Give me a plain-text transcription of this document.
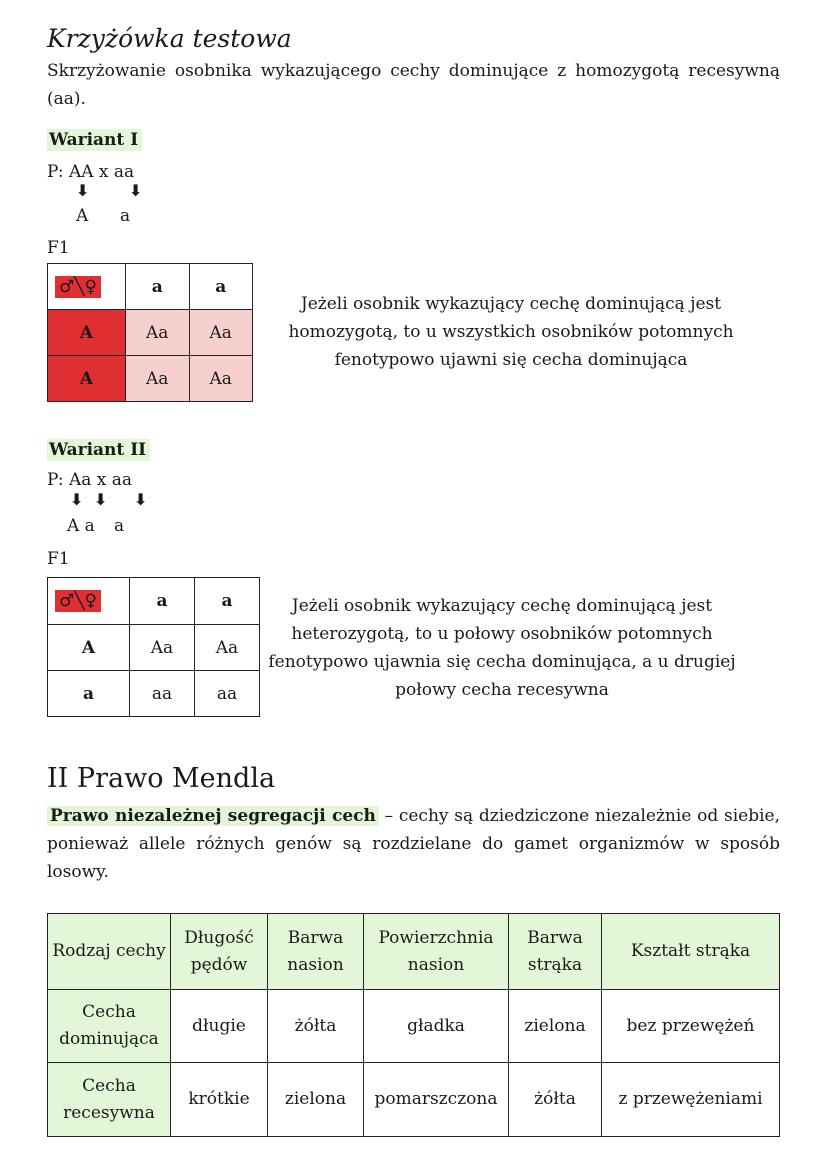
Krzyżówka testowa
Skrzyżowanie osobnika wykazującego cechy dominujące z homozygotą recesywną (aa).
Wariant I
P: AA x aa
⬇ ⬇
A a
F1
♂╲♀	a	a
A	Aa	Aa
A	Aa	Aa
Jeżeli osobnik wykazujący cechę dominującą jest
homozygotą, to u wszystkich osobników potomnych
fenotypowo ujawni się cecha dominująca
Wariant II
P: Aa x aa
⬇ ⬇ ⬇
A a a
F1
♂╲♀	a	a
A	Aa	Aa
a	aa	aa
Jeżeli osobnik wykazujący cechę dominującą jest
heterozygotą, to u połowy osobników potomnych
fenotypowo ujawnia się cecha dominująca, a u drugiej
połowy cecha recesywna
II Prawo Mendla
Prawo niezależnej segregacji cech – cechy są dziedziczone niezależnie od siebie, ponieważ allele różnych genów są rozdzielane do gamet organizmów w sposób losowy.
Rodzaj cechy	Długość pędów	Barwa nasion	Powierzchnia nasion	Barwa strąka	Kształt strąka
Cecha dominująca	długie	żółta	gładka	zielona	bez przewężeń
Cecha recesywna	krótkie	zielona	pomarszczona	żółta	z przewężeniami
